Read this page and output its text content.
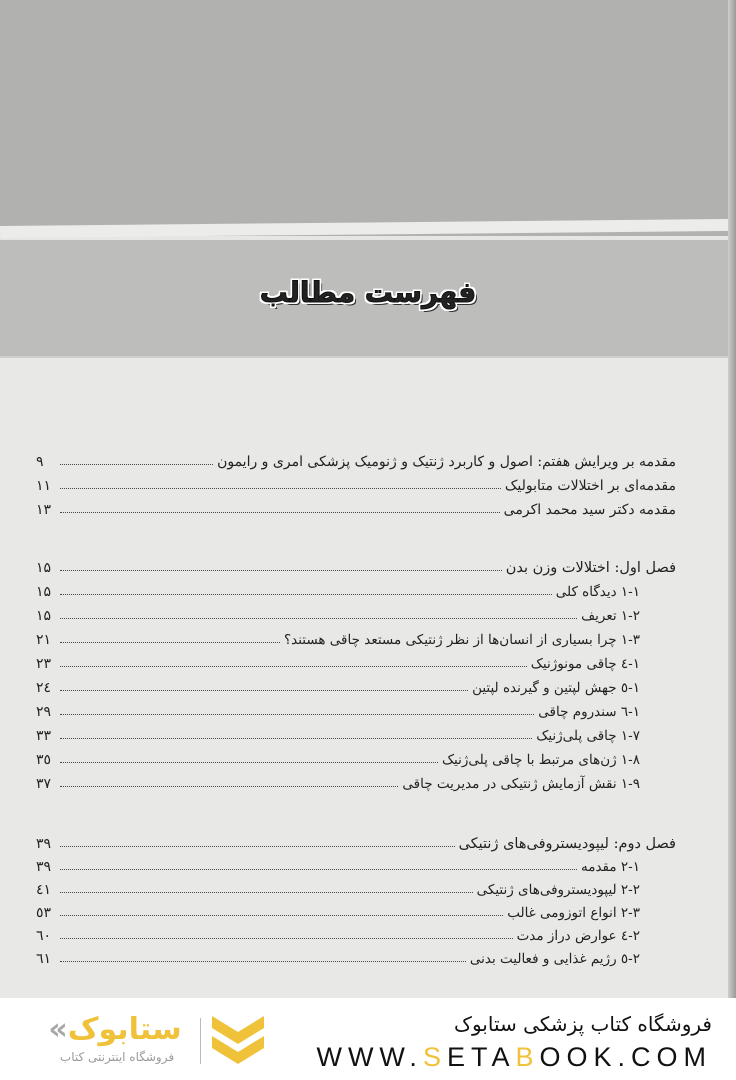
فهرست مطالب
مقدمه بر ویرایش هفتم: اصول و کاربرد ژنتیک و ژنومیک پزشکی امری و رایمون
۹
مقدمه‌ای بر اختلالات متابولیک
۱۱
مقدمه دکتر سید محمد اکرمی
۱۳
فصل اول: اختلالات وزن بدن
۱۵
۱-۱ دیدگاه کلی
۱۵
۱-۲ تعریف
۱۵
۱-۳ چرا بسیاری از انسان‌ها از نظر ژنتیکی مستعد چاقی هستند؟
۲۱
۱-٤ چاقی مونوژنیک
۲۳
۱-٥ جهش لپتین و گیرنده لپتین
۲٤
۱-٦ سندروم چاقی
۲۹
۱-۷ چاقی پلی‌ژنیک
۳۳
۱-۸ ژن‌های مرتبط با چاقی پلی‌ژنیک
۳٥
۱-۹ نقش آزمایش ژنتیکی در مدیریت چاقی
۳۷
فصل دوم: لیپودیستروفی‌های ژنتیکی
۳۹
۲-۱ مقدمه
۳۹
۲-۲ لیپودیستروفی‌های ژنتیکی
٤۱
۲-۳ انواع اتوزومی غالب
٥۳
۲-٤ عوارض دراز مدت
٦۰
۲-٥ رژیم غذایی و فعالیت بدنی
٦۱
«ستابوک
فروشگاه اینترنتی کتاب
فروشگاه کتاب پزشکی ستابوک
WWW.SETABOOK.COM
